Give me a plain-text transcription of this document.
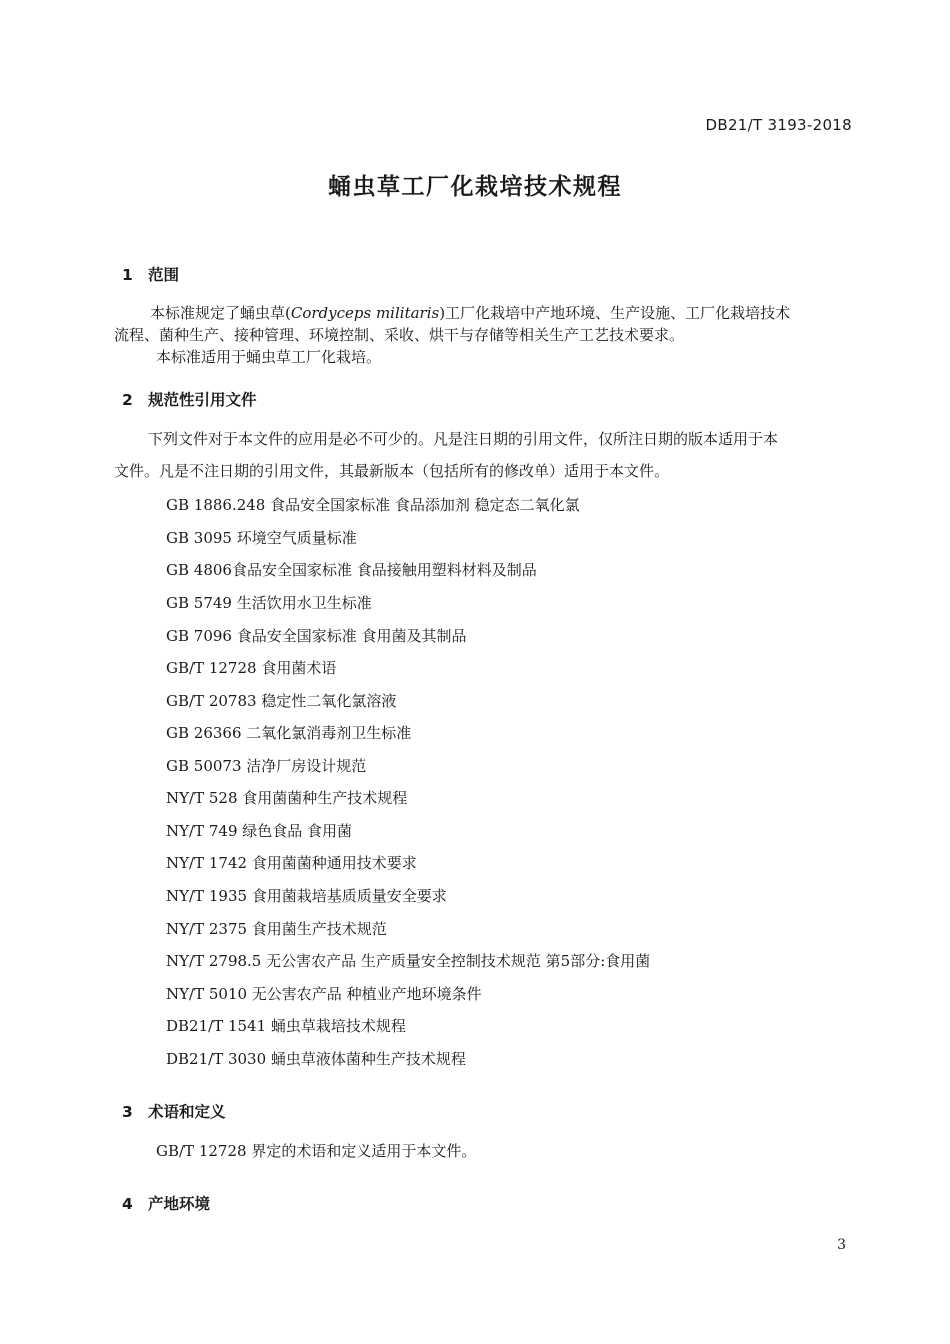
DB21/T 3193-2018
蛹虫草工厂化栽培技术规程
1 范围
本标准规定了蛹虫草(Cordyceps militaris)工厂化栽培中产地环境、生产设施、工厂化栽培技术
流程、菌种生产、接种管理、环境控制、采收、烘干与存储等相关生产工艺技术要求。
本标准适用于蛹虫草工厂化栽培。
2 规范性引用文件
下列文件对于本文件的应用是必不可少的。凡是注日期的引用文件，仅所注日期的版本适用于本
文件。凡是不注日期的引用文件，其最新版本（包括所有的修改单）适用于本文件。
GB 1886.248 食品安全国家标准 食品添加剂 稳定态二氧化氯
GB 3095 环境空气质量标准
GB 4806食品安全国家标准 食品接触用塑料材料及制品
GB 5749 生活饮用水卫生标准
GB 7096 食品安全国家标准 食用菌及其制品
GB/T 12728 食用菌术语
GB/T 20783 稳定性二氧化氯溶液
GB 26366 二氧化氯消毒剂卫生标准
GB 50073 洁净厂房设计规范
NY/T 528 食用菌菌种生产技术规程
NY/T 749 绿色食品 食用菌
NY/T 1742 食用菌菌种通用技术要求
NY/T 1935 食用菌栽培基质质量安全要求
NY/T 2375 食用菌生产技术规范
NY/T 2798.5 无公害农产品 生产质量安全控制技术规范 第5部分:食用菌
NY/T 5010 无公害农产品 种植业产地环境条件
DB21/T 1541 蛹虫草栽培技术规程
DB21/T 3030 蛹虫草液体菌种生产技术规程
3 术语和定义
GB/T 12728 界定的术语和定义适用于本文件。
4 产地环境
3
